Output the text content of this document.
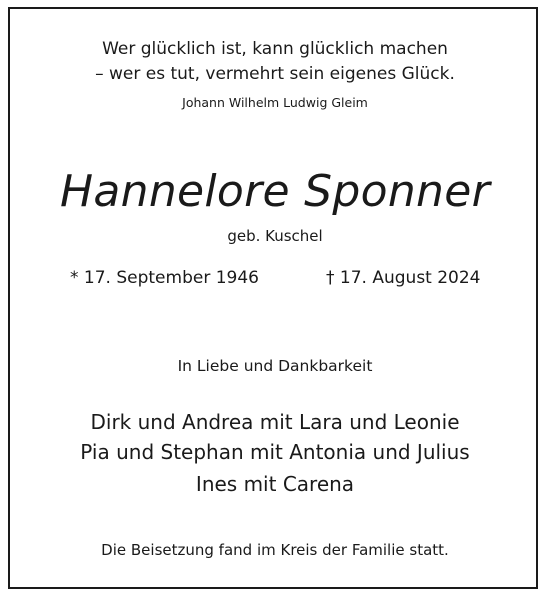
Wer glücklich ist, kann glücklich machen
– wer es tut, vermehrt sein eigenes Glück.
Johann Wilhelm Ludwig Gleim
Hannelore Sponner
geb. Kuschel
* 17. September 1946	† 17. August 2024
In Liebe und Dankbarkeit
Dirk und Andrea mit Lara und Leonie
Pia und Stephan mit Antonia und Julius
Ines mit Carena
Die Beisetzung fand im Kreis der Familie statt.
